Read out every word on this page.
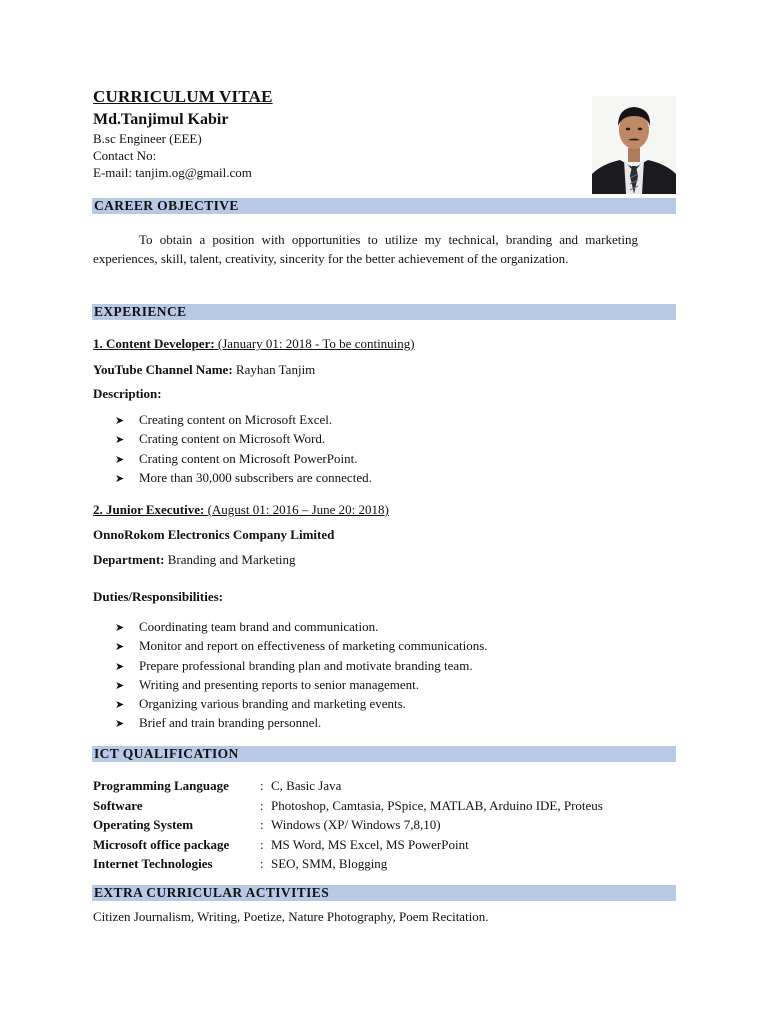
CURRICULUM VITAE
Md.Tanjimul Kabir
B.sc Engineer (EEE)
Contact No:
E-mail: tanjim.og@gmail.com
CAREER OBJECTIVE
To obtain a position with opportunities to utilize my technical, branding and marketing experiences, skill, talent, creativity, sincerity for the better achievement of the organization.
EXPERIENCE
1. Content Developer: (January 01: 2018 - To be continuing)
YouTube Channel Name: Rayhan Tanjim
Description:
➤ Creating content on Microsoft Excel.
➤ Crating content on Microsoft Word.
➤ Crating content on Microsoft PowerPoint.
➤ More than 30,000 subscribers are connected.
2. Junior Executive: (August 01: 2016 – June 20: 2018)
OnnoRokom Electronics Company Limited
Department: Branding and Marketing
Duties/Responsibilities:
➤ Coordinating team brand and communication.
➤ Monitor and report on effectiveness of marketing communications.
➤ Prepare professional branding plan and motivate branding team.
➤ Writing and presenting reports to senior management.
➤ Organizing various branding and marketing events.
➤ Brief and train branding personnel.
ICT QUALIFICATION
Programming Language	:	C, Basic Java
Software	:	Photoshop, Camtasia, PSpice, MATLAB, Arduino IDE, Proteus
Operating System	:	Windows (XP/ Windows 7,8,10)
Microsoft office package	:	MS Word, MS Excel, MS PowerPoint
Internet Technologies	:	SEO, SMM, Blogging
EXTRA CURRICULAR ACTIVITIES
Citizen Journalism, Writing, Poetize, Nature Photography, Poem Recitation.
